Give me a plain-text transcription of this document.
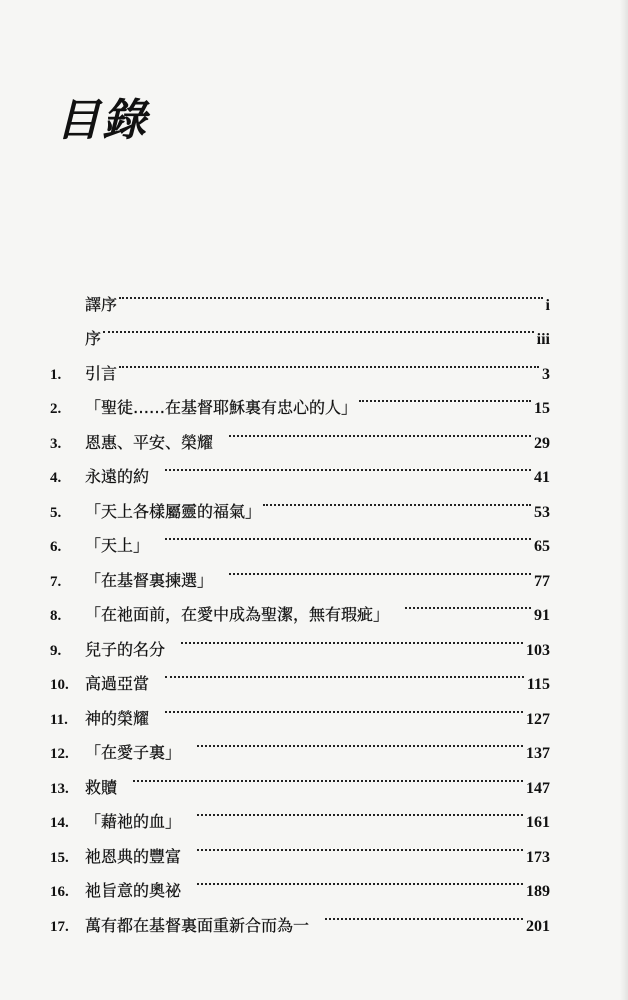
目錄
譯序	i
序	iii
1.	引言	3
2.	「聖徒……在基督耶穌裏有忠心的人」	15
3.	恩惠、平安、榮耀	29
4.	永遠的約	41
5.	「天上各樣屬靈的福氣」	53
6.	「天上」	65
7.	「在基督裏揀選」	77
8.	「在祂面前，在愛中成為聖潔，無有瑕疵」	91
9.	兒子的名分	103
10.	高過亞當	115
11.	神的榮耀	127
12.	「在愛子裏」	137
13.	救贖	147
14.	「藉祂的血」	161
15.	祂恩典的豐富	173
16.	祂旨意的奧祕	189
17.	萬有都在基督裏面重新合而為一	201
